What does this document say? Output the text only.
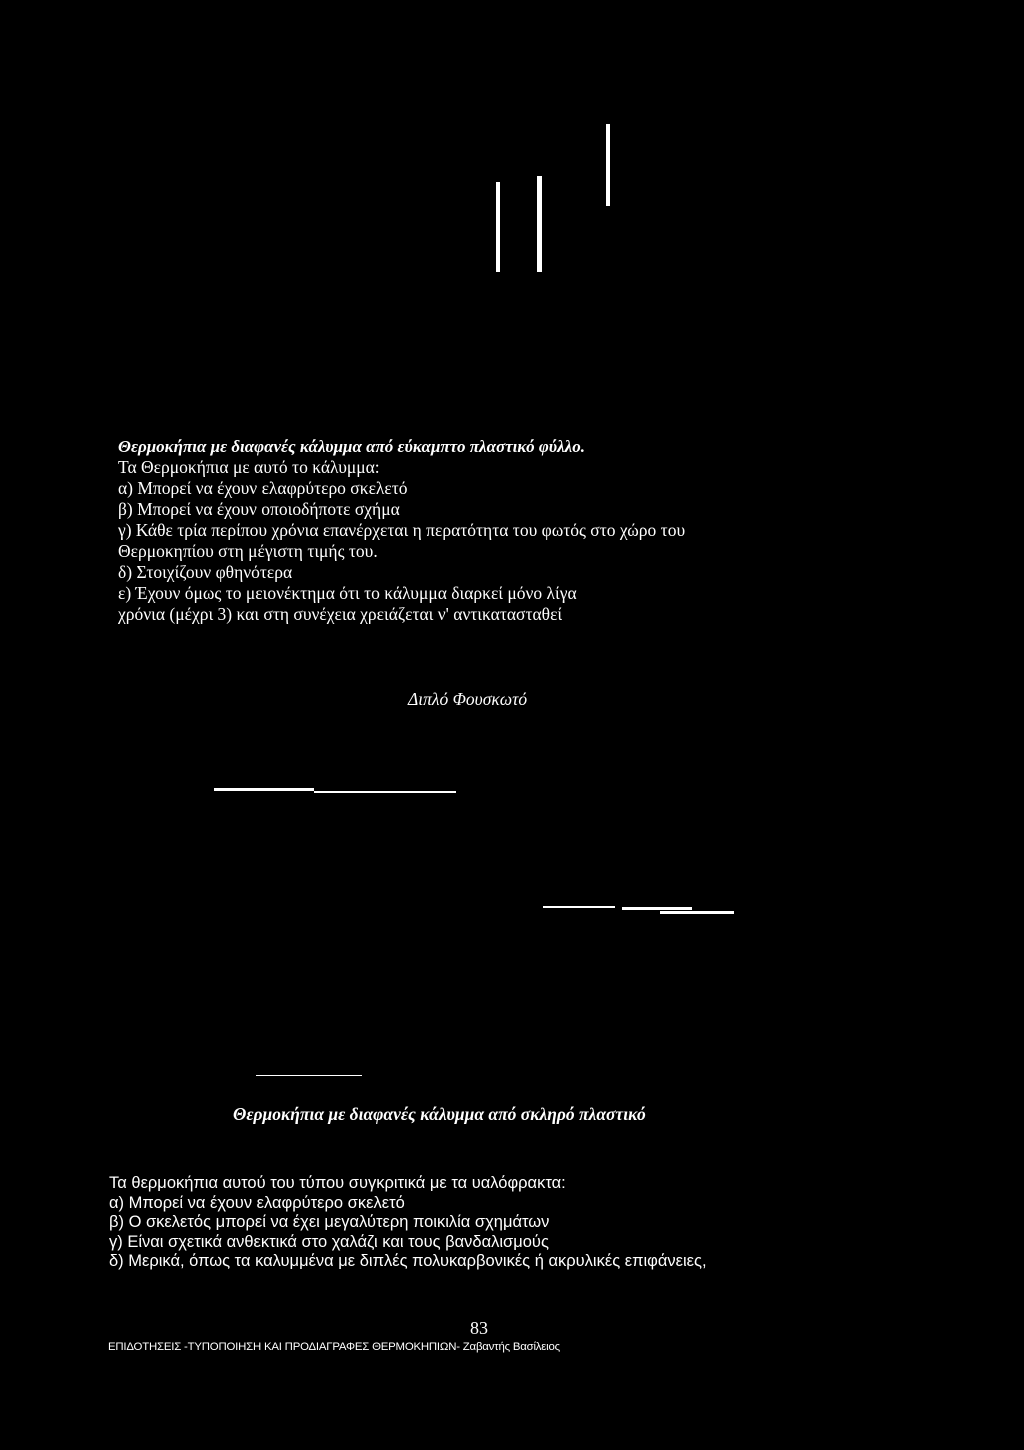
Θερμοκήπια με διαφανές κάλυμμα από εύκαμπτο πλαστικό φύλλο.
Τα Θερμοκήπια με αυτό το κάλυμμα:
α) Μπορεί να έχουν ελαφρύτερο σκελετό
β) Μπορεί να έχουν οποιοδήποτε σχήμα
γ) Κάθε τρία περίπου χρόνια επανέρχεται η περατότητα του φωτός στο χώρο του
Θερμοκηπίου στη μέγιστη τιμής του.
δ) Στοιχίζουν φθηνότερα
ε) Έχουν όμως το μειονέκτημα ότι το κάλυμμα διαρκεί μόνο λίγα
χρόνια (μέχρι 3) και στη συνέχεια χρειάζεται ν' αντικατασταθεί
Διπλό Φουσκωτό
Θερμοκήπια με διαφανές κάλυμμα από σκληρό πλαστικό
Τα θερμοκήπια αυτού του τύπου συγκριτικά με τα υαλόφρακτα:
α) Μπορεί να έχουν ελαφρύτερο σκελετό
β) Ο σκελετός μπορεί να έχει μεγαλύτερη ποικιλία σχημάτων
γ) Είναι σχετικά ανθεκτικά στο χαλάζι και τους βανδαλισμούς
δ) Μερικά, όπως τα καλυμμένα με διπλές πολυκαρβονικές ή ακρυλικές επιφάνειες,
83
ΕΠΙΔΟΤΗΣΕΙΣ -ΤΥΠΟΠΟΙΗΣΗ ΚΑΙ ΠΡΟΔΙΑΓΡΑΦΕΣ ΘΕΡΜΟΚΗΠΙΩΝ- Ζαβαντής Βασίλειος
